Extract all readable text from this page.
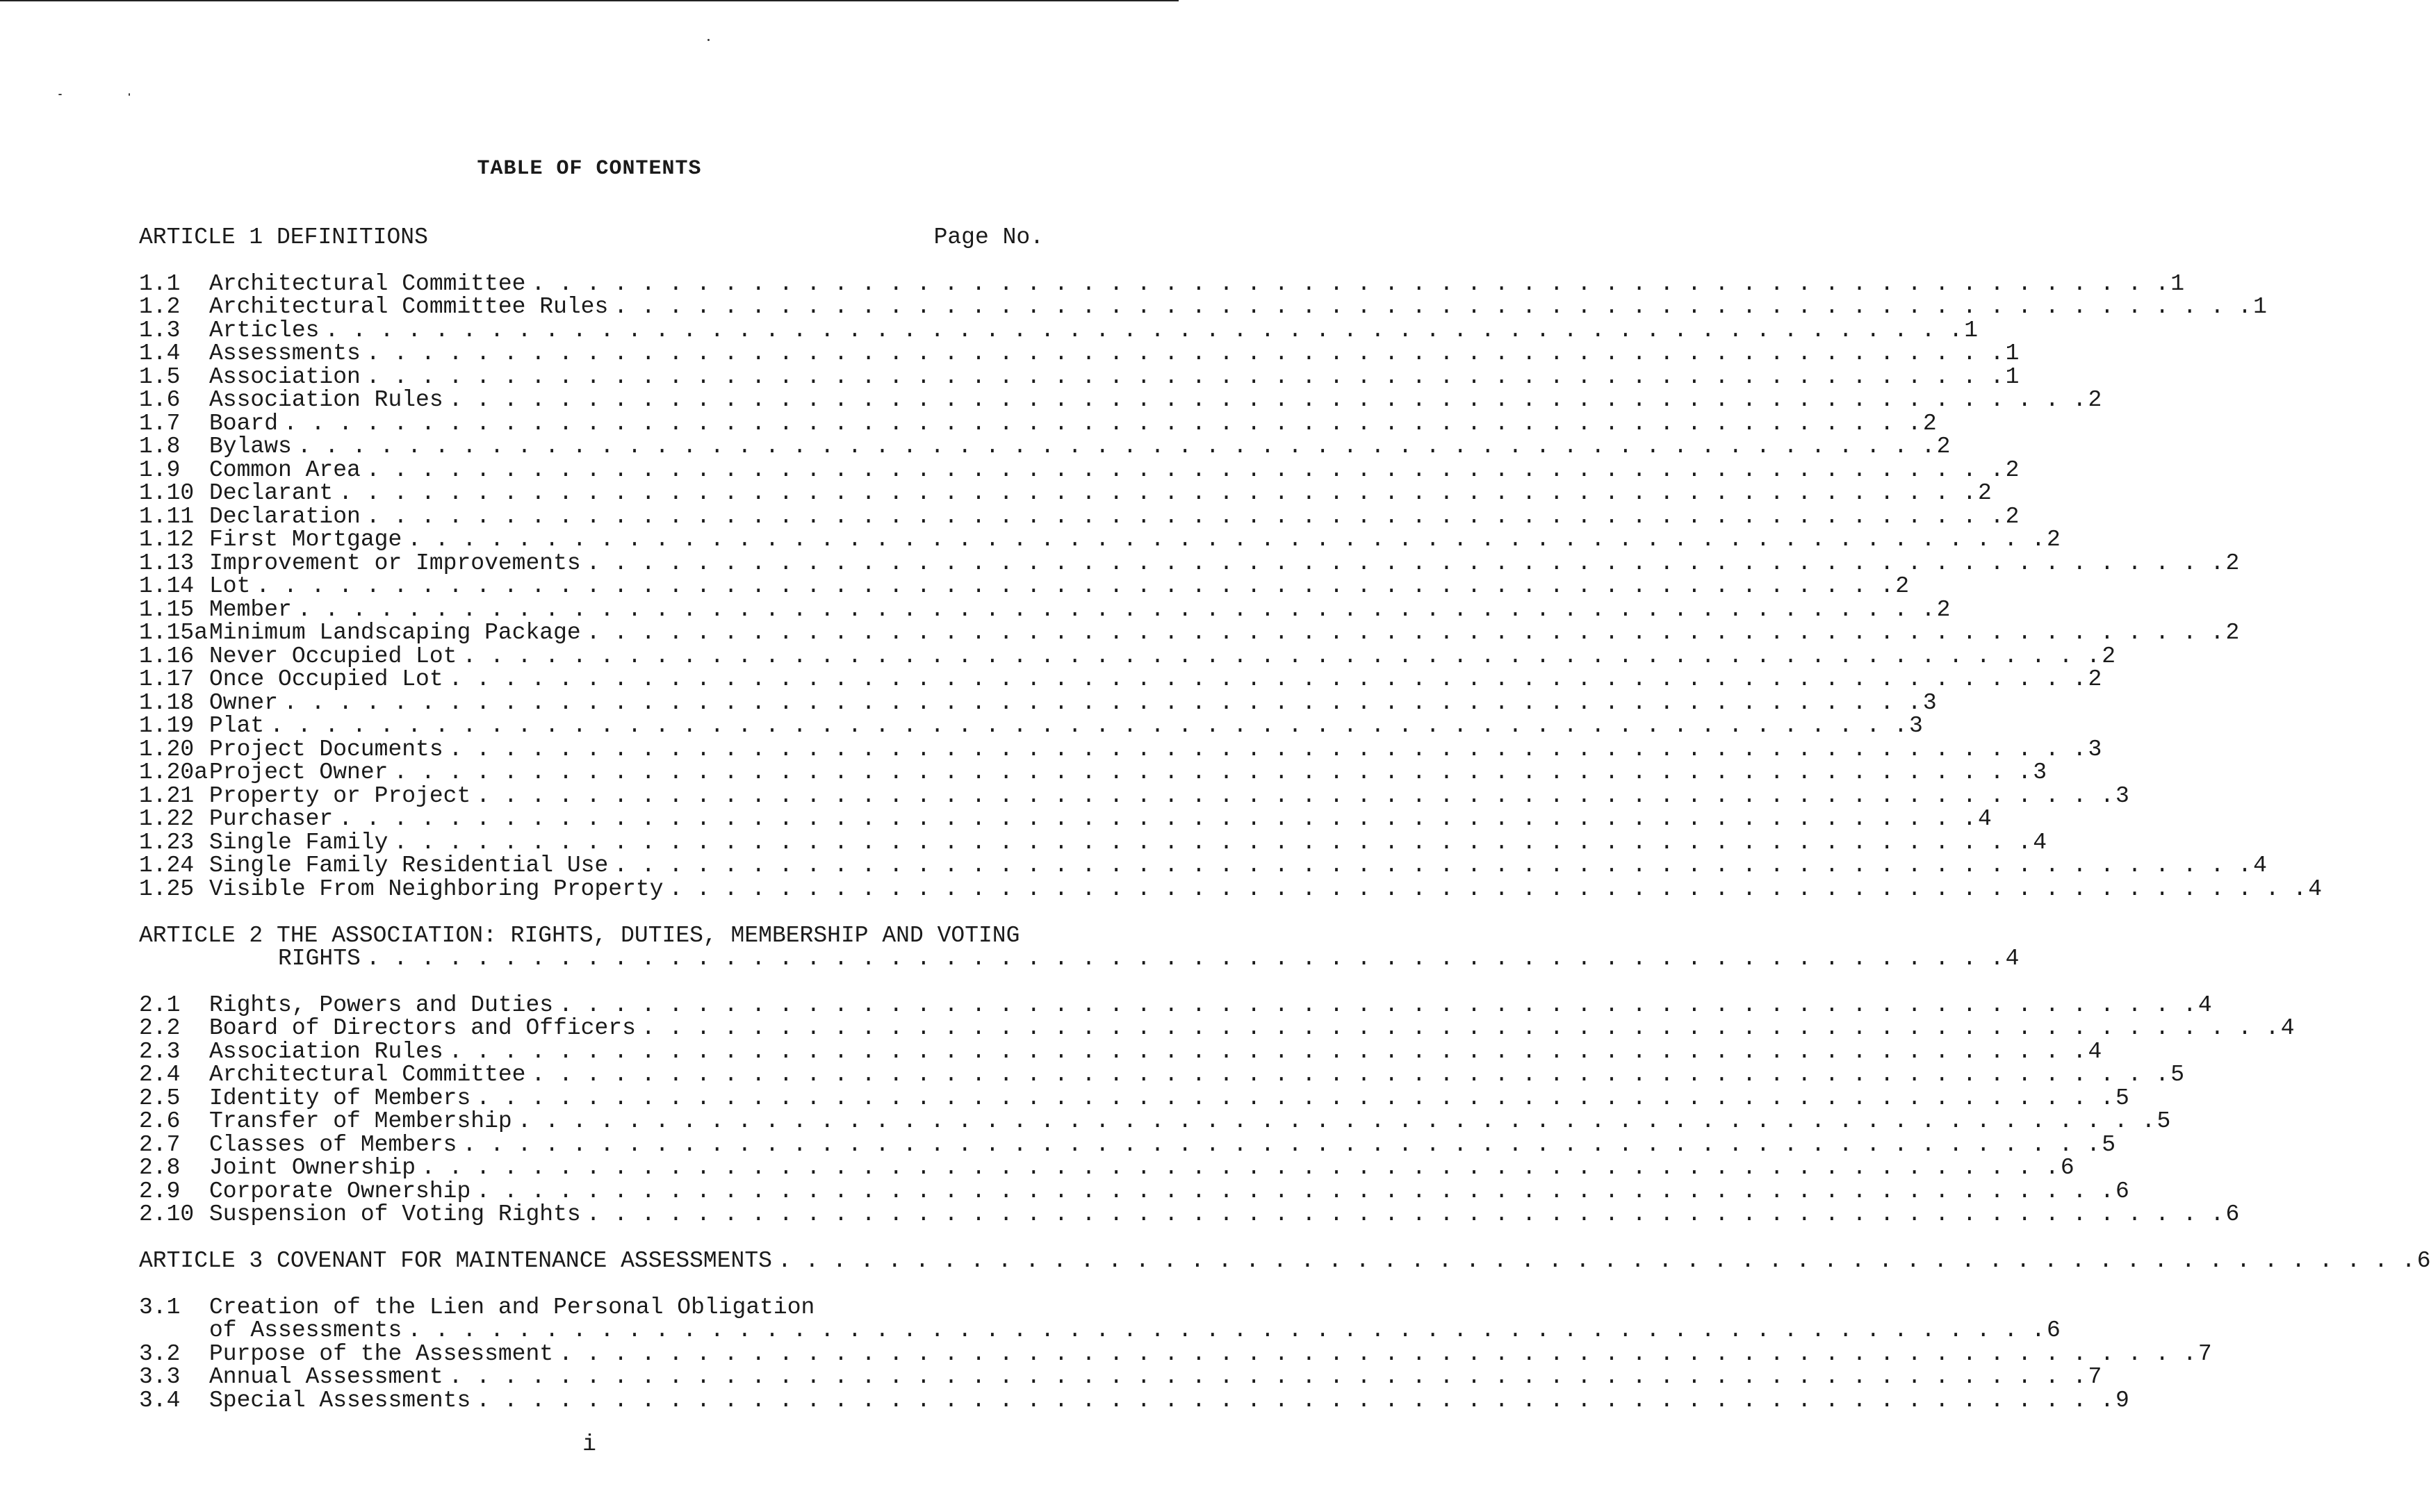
TABLE OF CONTENTS
ARTICLE 1 DEFINITIONS	Page No.
1.1	Architectural Committee . . . . . . . . . . . . . . . . . . . . . . . . . . . . . . . . . . . . . . . . . . . . . . . . . . . . . . . . . . . . 1
1.2	Architectural Committee Rules . . . . . . . . . . . . . . . . . . . . . . . . . . . . . . . . . . . . . . . . . . . . . . . . . . . . . . . . . . . . 1
1.3	Articles . . . . . . . . . . . . . . . . . . . . . . . . . . . . . . . . . . . . . . . . . . . . . . . . . . . . . . . . . . . . 1
1.4	Assessments . . . . . . . . . . . . . . . . . . . . . . . . . . . . . . . . . . . . . . . . . . . . . . . . . . . . . . . . . . . . 1
1.5	Association . . . . . . . . . . . . . . . . . . . . . . . . . . . . . . . . . . . . . . . . . . . . . . . . . . . . . . . . . . . . 1
1.6	Association Rules . . . . . . . . . . . . . . . . . . . . . . . . . . . . . . . . . . . . . . . . . . . . . . . . . . . . . . . . . . . . 2
1.7	Board . . . . . . . . . . . . . . . . . . . . . . . . . . . . . . . . . . . . . . . . . . . . . . . . . . . . . . . . . . . . 2
1.8	Bylaws . . . . . . . . . . . . . . . . . . . . . . . . . . . . . . . . . . . . . . . . . . . . . . . . . . . . . . . . . . . . 2
1.9	Common Area . . . . . . . . . . . . . . . . . . . . . . . . . . . . . . . . . . . . . . . . . . . . . . . . . . . . . . . . . . . . 2
1.10 Declarant . . . . . . . . . . . . . . . . . . . . . . . . . . . . . . . . . . . . . . . . . . . . . . . . . . . . . . . . . . . . 2
1.11 Declaration . . . . . . . . . . . . . . . . . . . . . . . . . . . . . . . . . . . . . . . . . . . . . . . . . . . . . . . . . . . . 2
1.12 First Mortgage . . . . . . . . . . . . . . . . . . . . . . . . . . . . . . . . . . . . . . . . . . . . . . . . . . . . . . . . . . . . 2
1.13 Improvement or Improvements . . . . . . . . . . . . . . . . . . . . . . . . . . . . . . . . . . . . . . . . . . . . . . . . . . . . . . . . . . . . 2
1.14 Lot . . . . . . . . . . . . . . . . . . . . . . . . . . . . . . . . . . . . . . . . . . . . . . . . . . . . . . . . . . . . 2
1.15 Member . . . . . . . . . . . . . . . . . . . . . . . . . . . . . . . . . . . . . . . . . . . . . . . . . . . . . . . . . . . . 2
1.15a Minimum Landscaping Package . . . . . . . . . . . . . . . . . . . . . . . . . . . . . . . . . . . . . . . . . . . . . . . . . . . . . . . . . . . . 2
1.16 Never Occupied Lot . . . . . . . . . . . . . . . . . . . . . . . . . . . . . . . . . . . . . . . . . . . . . . . . . . . . . . . . . . . . 2
1.17 Once Occupied Lot . . . . . . . . . . . . . . . . . . . . . . . . . . . . . . . . . . . . . . . . . . . . . . . . . . . . . . . . . . . . 2
1.18 Owner . . . . . . . . . . . . . . . . . . . . . . . . . . . . . . . . . . . . . . . . . . . . . . . . . . . . . . . . . . . . 3
1.19 Plat . . . . . . . . . . . . . . . . . . . . . . . . . . . . . . . . . . . . . . . . . . . . . . . . . . . . . . . . . . . . 3
1.20 Project Documents . . . . . . . . . . . . . . . . . . . . . . . . . . . . . . . . . . . . . . . . . . . . . . . . . . . . . . . . . . . . 3
1.20a Project Owner . . . . . . . . . . . . . . . . . . . . . . . . . . . . . . . . . . . . . . . . . . . . . . . . . . . . . . . . . . . . 3
1.21 Property or Project . . . . . . . . . . . . . . . . . . . . . . . . . . . . . . . . . . . . . . . . . . . . . . . . . . . . . . . . . . . . 3
1.22 Purchaser . . . . . . . . . . . . . . . . . . . . . . . . . . . . . . . . . . . . . . . . . . . . . . . . . . . . . . . . . . . . 4
1.23 Single Family . . . . . . . . . . . . . . . . . . . . . . . . . . . . . . . . . . . . . . . . . . . . . . . . . . . . . . . . . . . . 4
1.24 Single Family Residential Use . . . . . . . . . . . . . . . . . . . . . . . . . . . . . . . . . . . . . . . . . . . . . . . . . . . . . . . . . . . . 4
1.25 Visible From Neighboring Property . . . . . . . . . . . . . . . . . . . . . . . . . . . . . . . . . . . . . . . . . . . . . . . . . . . . . . . . . . . . 4
ARTICLE 2 THE ASSOCIATION: RIGHTS, DUTIES, MEMBERSHIP AND VOTING
RIGHTS . . . . . . . . . . . . . . . . . . . . . . . . . . . . . . . . . . . . . . . . . . . . . . . . . . . . . . . . . . . . 4
2.1	Rights, Powers and Duties . . . . . . . . . . . . . . . . . . . . . . . . . . . . . . . . . . . . . . . . . . . . . . . . . . . . . . . . . . . . 4
2.2	Board of Directors and Officers . . . . . . . . . . . . . . . . . . . . . . . . . . . . . . . . . . . . . . . . . . . . . . . . . . . . . . . . . . . . 4
2.3	Association Rules . . . . . . . . . . . . . . . . . . . . . . . . . . . . . . . . . . . . . . . . . . . . . . . . . . . . . . . . . . . . 4
2.4	Architectural Committee . . . . . . . . . . . . . . . . . . . . . . . . . . . . . . . . . . . . . . . . . . . . . . . . . . . . . . . . . . . . 5
2.5	Identity of Members . . . . . . . . . . . . . . . . . . . . . . . . . . . . . . . . . . . . . . . . . . . . . . . . . . . . . . . . . . . . 5
2.6	Transfer of Membership . . . . . . . . . . . . . . . . . . . . . . . . . . . . . . . . . . . . . . . . . . . . . . . . . . . . . . . . . . . . 5
2.7	Classes of Members . . . . . . . . . . . . . . . . . . . . . . . . . . . . . . . . . . . . . . . . . . . . . . . . . . . . . . . . . . . . 5
2.8	Joint Ownership . . . . . . . . . . . . . . . . . . . . . . . . . . . . . . . . . . . . . . . . . . . . . . . . . . . . . . . . . . . . 6
2.9	Corporate Ownership . . . . . . . . . . . . . . . . . . . . . . . . . . . . . . . . . . . . . . . . . . . . . . . . . . . . . . . . . . . . 6
2.10 Suspension of Voting Rights . . . . . . . . . . . . . . . . . . . . . . . . . . . . . . . . . . . . . . . . . . . . . . . . . . . . . . . . . . . . 6
ARTICLE 3 COVENANT FOR MAINTENANCE ASSESSMENTS . . . . . . . . . . . . . . . . . . . . . . . . . . . . . . . . . . . . . . . . . . . . . . . . . . . . . . . . . . . . 6
3.1	Creation of the Lien and Personal Obligation
of Assessments . . . . . . . . . . . . . . . . . . . . . . . . . . . . . . . . . . . . . . . . . . . . . . . . . . . . . . . . . . . . 6
3.2	Purpose of the Assessment . . . . . . . . . . . . . . . . . . . . . . . . . . . . . . . . . . . . . . . . . . . . . . . . . . . . . . . . . . . . 7
3.3	Annual Assessment . . . . . . . . . . . . . . . . . . . . . . . . . . . . . . . . . . . . . . . . . . . . . . . . . . . . . . . . . . . . 7
3.4	Special Assessments . . . . . . . . . . . . . . . . . . . . . . . . . . . . . . . . . . . . . . . . . . . . . . . . . . . . . . . . . . . . 9
i
